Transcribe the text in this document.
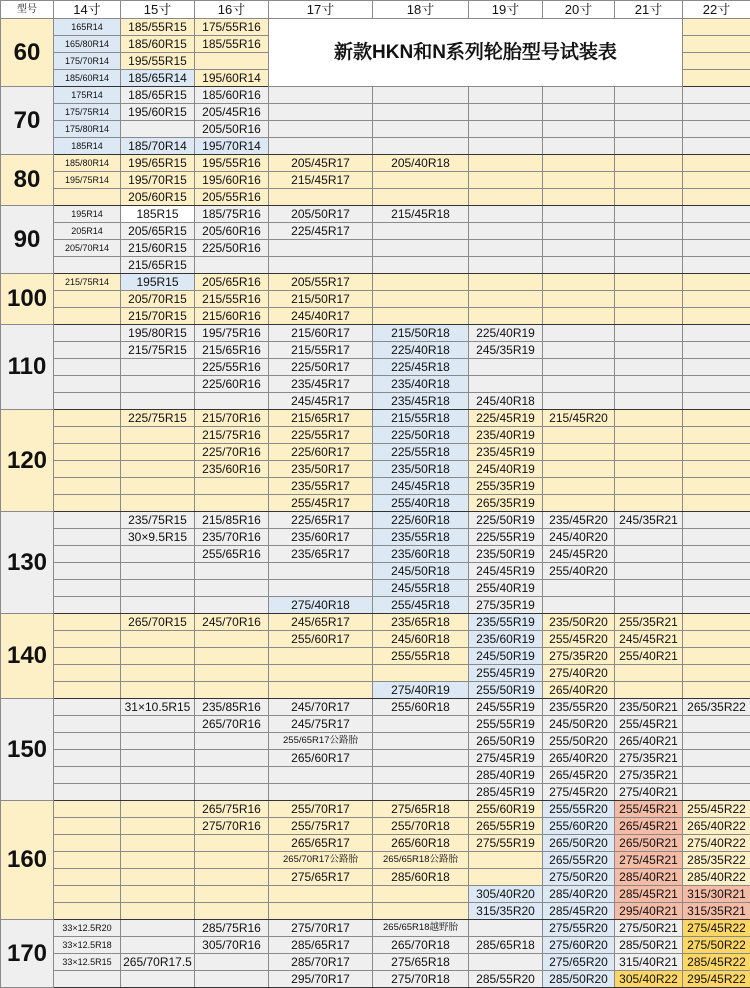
型号	14寸	15寸	16寸	17寸	18寸	19寸	20寸	21寸	22寸
60	165R14	185/55R15	175/55R16	新款HKN和N系列轮胎型号试装表					
	165/80R14	185/60R15	185/55R16						
	175/70R14	195/55R15							
	185/60R14	185/65R14	195/60R14						
70	175R14	185/65R15	185/60R16						
	175/75R14	195/60R15	205/45R16						
	175/80R14		205/50R16						
	185R14	185/70R14	195/70R14						
80	185/80R14	195/65R15	195/55R16	205/45R17	205/40R18				
	195/75R14	195/70R15	195/60R16	215/45R17					
		205/60R15	205/55R16						
90	195R14	185R15	185/75R16	205/50R17	215/45R18				
	205R14	205/65R15	205/60R16	225/45R17					
	205/70R14	215/60R15	225/50R16						
		215/65R15							
100	215/75R14	195R15	205/65R16	205/55R17					
		205/70R15	215/55R16	215/50R17					
		215/70R15	215/60R16	245/40R17					
110		195/80R15	195/75R16	215/60R17	215/50R18	225/40R19			
		215/75R15	215/65R16	215/55R17	225/40R18	245/35R19			
			225/55R16	225/50R17	225/45R18				
			225/60R16	235/45R17	235/40R18				
				245/45R17	235/45R18	245/40R18			
120		225/75R15	215/70R16	215/65R17	215/55R18	225/45R19	215/45R20		
			215/75R16	225/55R17	225/50R18	235/40R19			
			225/70R16	225/60R17	225/55R18	235/45R19			
			235/60R16	235/50R17	235/50R18	245/40R19			
				235/55R17	245/45R18	255/35R19			
				255/45R17	255/40R18	265/35R19			
130		235/75R15	215/85R16	225/65R17	225/60R18	225/50R19	235/45R20	245/35R21	
		30×9.5R15	235/70R16	235/60R17	235/55R18	225/55R19	245/40R20		
			255/65R16	235/65R17	235/60R18	235/50R19	245/45R20		
					245/50R18	245/45R19	255/40R20		
					245/55R18	255/40R19			
				275/40R18	255/45R18	275/35R19			
140		265/70R15	245/70R16	245/65R17	235/65R18	235/55R19	235/50R20	255/35R21	
				255/60R17	245/60R18	235/60R19	255/45R20	245/45R21	
					255/55R18	245/50R19	275/35R20	255/40R21	
						255/45R19	275/40R20		
					275/40R19	255/50R19	265/40R20		
150		31×10.5R15	235/85R16	245/70R17	255/60R18	245/55R19	235/55R20	235/50R21	265/35R22
			265/70R16	245/75R17		255/55R19	245/50R20	255/45R21	
				255/65R17公路胎		265/50R19	255/50R20	265/40R21	
				265/60R17		275/45R19	265/40R20	275/35R21	
						285/40R19	265/45R20	275/35R21	
						285/45R19	275/45R20	275/40R21	
160			265/75R16	255/70R17	275/65R18	255/60R19	255/55R20	255/45R21	255/45R22
			275/70R16	255/75R17	255/70R18	265/55R19	255/60R20	265/45R21	265/40R22
				265/65R17	265/60R18	275/55R19	265/50R20	265/50R21	275/40R22
				265/70R17公路胎	265/65R18公路胎		265/55R20	275/45R21	285/35R22
				275/65R17	285/60R18		275/50R20	285/40R21	285/40R22
						305/40R20	285/40R20	285/45R21	315/30R21
						315/35R20	285/45R20	295/40R21	315/35R21
170	33×12.5R20		285/75R16	275/70R17	265/65R18越野胎		275/55R20	275/50R21	275/45R22
	33×12.5R18		305/70R16	285/65R17	265/70R18	285/65R18	275/60R20	285/50R21	275/50R22
	33×12.5R15	265/70R17.5		285/70R17	275/65R18		275/65R20	315/40R21	285/45R22
				295/70R17	275/70R18	285/55R20	285/50R20	305/40R22	295/45R22
